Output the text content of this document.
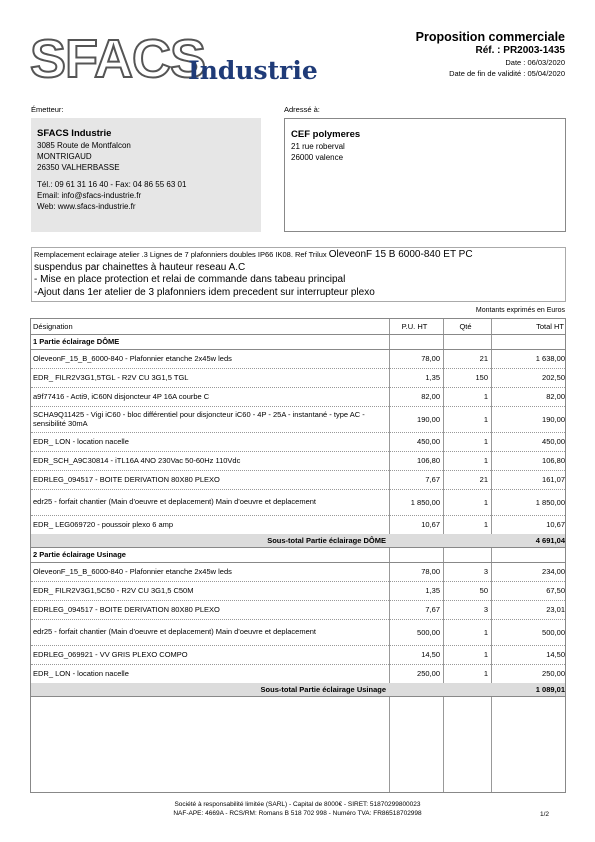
SFACS
Industrie
Proposition commerciale
Réf. : PR2003-1435
Date : 06/03/2020
Date de fin de validité : 05/04/2020
Émetteur:
SFACS Industrie
3085 Route de Montfalcon
MONTRIGAUD
26350 VALHERBASSE
Tél.: 09 61 31 16 40 - Fax: 04 86 55 63 01
Email: info@sfacs-industrie.fr
Web: www.sfacs-industrie.fr
Adressé à:
CEF polymeres
21 rue roberval
26000 valence
Remplacement eclairage atelier .3 Lignes de 7 plafonniers doubles IP66 IK08. Ref Trilux OleveonF 15 B 6000-840 ET PC
suspendus par chainettes à hauteur reseau A.C
- Mise en place protection et relai de commande dans tabeau principal
-Ajout dans 1er atelier de 3 plafonniers idem precedent sur interrupteur plexo
Montants exprimés en Euros
Désignation	P.U. HT	Qté	Total HT
1 Partie éclairage DÔME
OleveonF_15_B_6000-840 - Plafonnier etanche 2x45w leds	78,00	21	1 638,00
EDR_ FILR2V3G1,5TGL - R2V CU 3G1,5 TGL	1,35	150	202,50
a9f77416 - Acti9, iC60N disjoncteur 4P 16A courbe C	82,00	1	82,00
SCHA9Q11425 - Vigi iC60 - bloc différentiel pour disjoncteur iC60 - 4P - 25A - instantané - type AC - sensibilité 30mA	190,00	1	190,00
EDR_ LON - location nacelle	450,00	1	450,00
EDR_SCH_A9C30814 - iTL16A 4NO 230Vac 50-60Hz 110Vdc	106,80	1	106,80
EDRLEG_094517 - BOITE DERIVATION 80X80 PLEXO	7,67	21	161,07
edr25 - forfait chantier (Main d'oeuvre et deplacement) Main d'oeuvre et deplacement	1 850,00	1	1 850,00
EDR_ LEG069720 - poussoir plexo 6 amp	10,67	1	10,67
Sous-total Partie éclairage DÔME	4 691,04
2 Partie éclairage Usinage
OleveonF_15_B_6000-840 - Plafonnier etanche 2x45w leds	78,00	3	234,00
EDR_ FILR2V3G1,5C50 - R2V CU 3G1,5 C50M	1,35	50	67,50
EDRLEG_094517 - BOITE DERIVATION 80X80 PLEXO	7,67	3	23,01
edr25 - forfait chantier (Main d'oeuvre et deplacement) Main d'oeuvre et deplacement	500,00	1	500,00
EDRLEG_069921 - VV GRIS PLEXO COMPO	14,50	1	14,50
EDR_ LON - location nacelle	250,00	1	250,00
Sous-total Partie éclairage Usinage	1 089,01
Société à responsabilité limitée (SARL) - Capital de 8000€ - SIRET: 51870299800023
NAF-APE: 4669A - RCS/RM: Romans B 518 702 998 - Numéro TVA: FR86518702998	1/2
